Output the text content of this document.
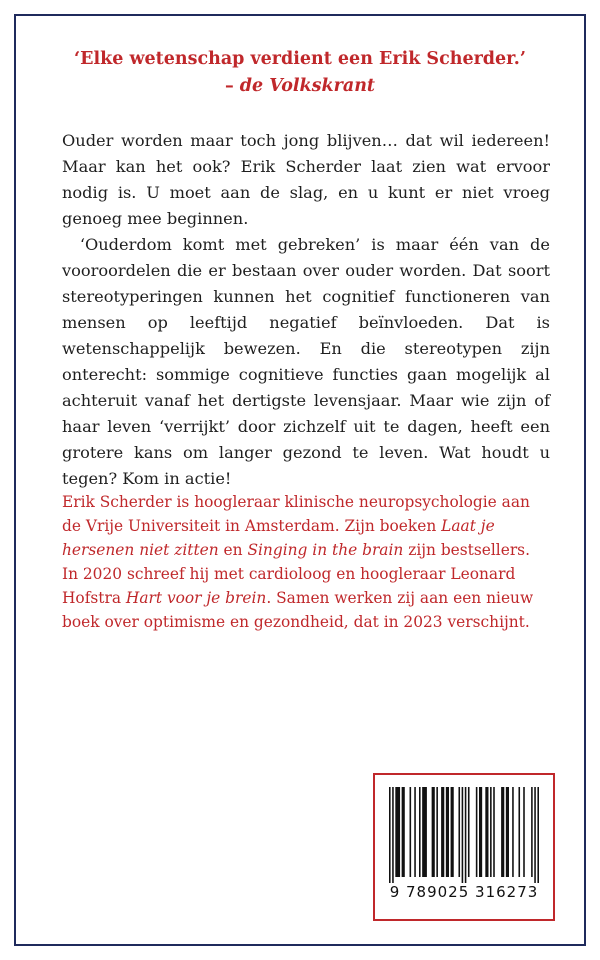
‘Elke wetenschap verdient een Erik Scherder.’
– de Volkskrant

Ouder worden maar toch jong blijven… dat wil iedereen! Maar kan het ook? Erik Scherder laat zien wat ervoor nodig is. U moet aan de slag, en u kunt er niet vroeg genoeg mee beginnen.

‘Ouderdom komt met gebreken’ is maar één van de vooroordelen die er bestaan over ouder worden. Dat soort stereotyperingen kunnen het cognitief functioneren van mensen op leeftijd negatief beïnvloeden. Dat is wetenschappelijk bewezen. En die stereotypen zijn onterecht: sommige cognitieve functies gaan mogelijk al achteruit vanaf het dertigste levensjaar. Maar wie zijn of haar leven ‘verrijkt’ door zichzelf uit te dagen, heeft een grotere kans om langer gezond te leven. Wat houdt u tegen? Kom in actie!

Erik Scherder is hoogleraar klinische neuropsychologie aan de Vrije Universiteit in Amsterdam. Zijn boeken Laat je hersenen niet zitten en Singing in the brain zijn bestsellers. In 2020 schreef hij met cardioloog en hoogleraar Leonard Hofstra Hart voor je brein. Samen werken zij aan een nieuw boek over optimisme en gezondheid, dat in 2023 verschijnt.
9 789025 316273
